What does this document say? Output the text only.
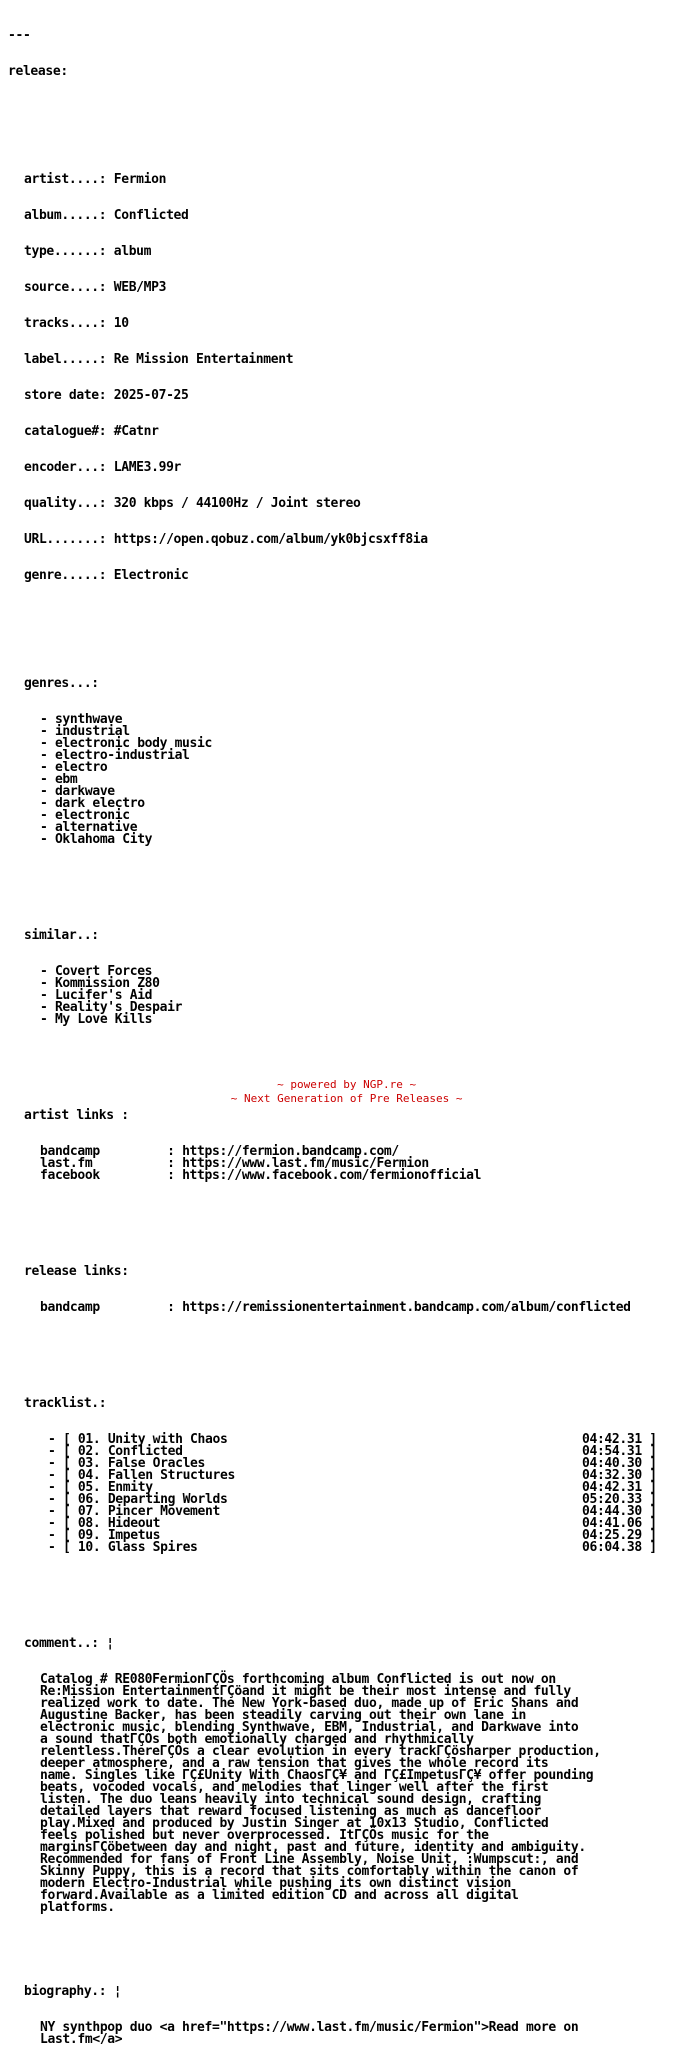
---

release:

artist....: Fermion

album.....: Conflicted

type......: album

source....: WEB/MP3

tracks....: 10

label.....: Re Mission Entertainment

store date: 2025-07-25

catalogue#: #Catnr

encoder...: LAME3.99r

quality...: 320 kbps / 44100Hz / Joint stereo

URL.......: https://open.qobuz.com/album/yk0bjcsxff8ia

genre.....: Electronic

genres...:

- synthwave
- industrial
- electronic body music
- electro-industrial
- electro
- ebm
- darkwave
- dark electro
- electronic
- alternative
- Oklahoma City

similar..:

- Covert Forces
- Kommission Z80
- Lucifer's Aid
- Reality's Despair
- My Love Kills

artist links :

bandcamp         : https://fermion.bandcamp.com/
last.fm          : https://www.last.fm/music/Fermion
facebook         : https://www.facebook.com/fermionofficial

release links:

bandcamp         : https://remissionentertainment.bandcamp.com/album/conflicted

tracklist.:

- [ 01. Unity with Chaos	04:42.31 ]
- [ 02. Conflicted	04:54.31 ]
- [ 03. False Oracles	04:40.30 ]
- [ 04. Fallen Structures	04:32.30 ]
- [ 05. Enmity	04:42.31 ]
- [ 06. Departing Worlds	05:20.33 ]
- [ 07. Pincer Movement	04:44.30 ]
- [ 08. Hideout	04:41.06 ]
- [ 09. Impetus	04:25.29 ]
- [ 10. Glass Spires	06:04.38 ]

comment..: ¦

Catalog # RE080FermionΓÇÖs forthcoming album Conflicted is out now on
Re:Mission EntertainmentΓÇöand it might be their most intense and fully
realized work to date. The New York-based duo, made up of Eric Shans and
Augustine Backer, has been steadily carving out their own lane in
electronic music, blending Synthwave, EBM, Industrial, and Darkwave into
a sound thatΓÇÖs both emotionally charged and rhythmically
relentless.ThereΓÇÖs a clear evolution in every trackΓÇösharper production,
deeper atmosphere, and a raw tension that gives the whole record its
name. Singles like ΓÇ£Unity With ChaosΓÇ¥ and ΓÇ£ImpetusΓÇ¥ offer pounding
beats, vocoded vocals, and melodies that linger well after the first
listen. The duo leans heavily into technical sound design, crafting
detailed layers that reward focused listening as much as dancefloor
play.Mixed and produced by Justin Singer at 10x13 Studio, Conflicted
feels polished but never overprocessed. ItΓÇÖs music for the
marginsΓÇöbetween day and night, past and future, identity and ambiguity.
Recommended for fans of Front Line Assembly, Noise Unit, :Wumpscut:, and
Skinny Puppy, this is a record that sits comfortably within the canon of
modern Electro-Industrial while pushing its own distinct vision
forward.Available as a limited edition CD and across all digital
platforms.

biography.: ¦

NY synthpop duo <a href="https://www.last.fm/music/Fermion">Read more on
Last.fm</a>

~ powered by NGP.re ~

~ Next Generation of Pre Releases ~
